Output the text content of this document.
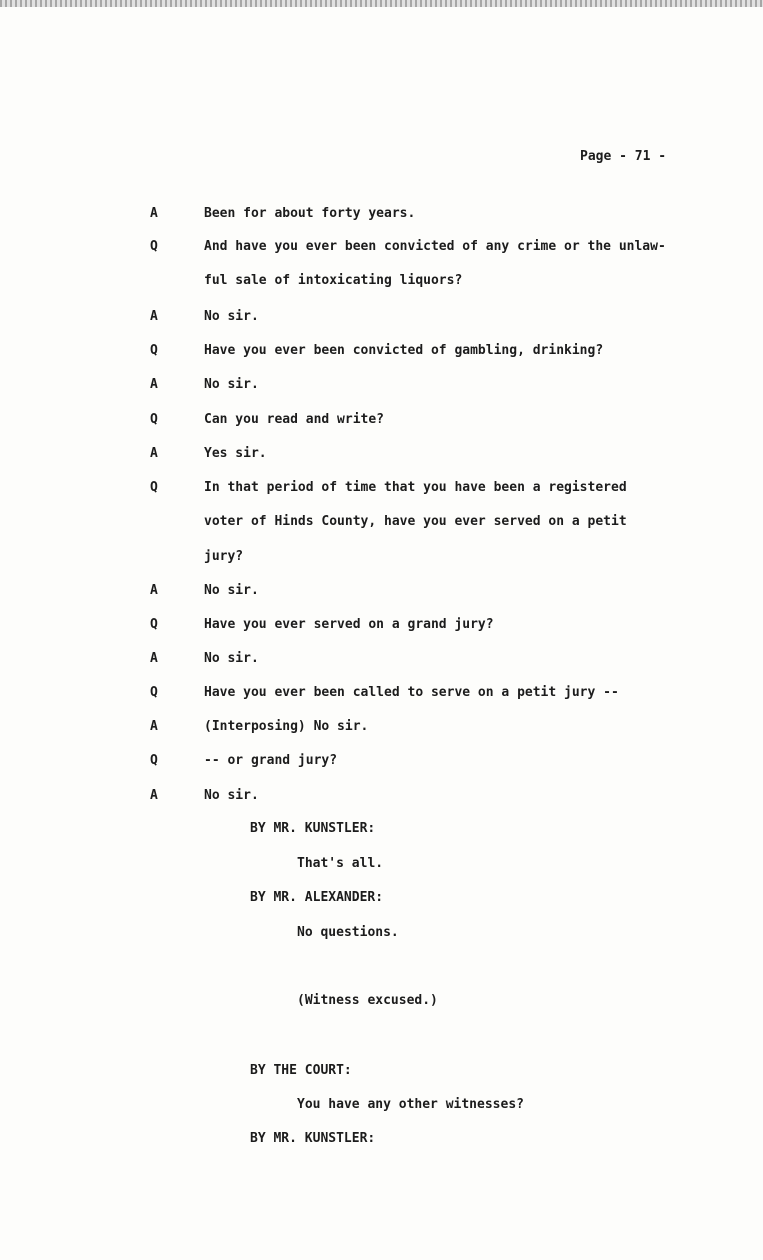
Page - 71 -
A	Been for about forty years.
Q	And have you ever been convicted of any crime or the unlaw-
ful sale of intoxicating liquors?
A	No sir.
Q	Have you ever been convicted of gambling, drinking?
A	No sir.
Q	Can you read and write?
A	Yes sir.
Q	In that period of time that you have been a registered
voter of Hinds County, have you ever served on a petit
jury?
A	No sir.
Q	Have you ever served on a grand jury?
A	No sir.
Q	Have you ever been called to serve on a petit jury --
A	(Interposing) No sir.
Q	-- or grand jury?
A	No sir.
BY MR. KUNSTLER:
That's all.
BY MR. ALEXANDER:
No questions.
(Witness excused.)
BY THE COURT:
You have any other witnesses?
BY MR. KUNSTLER:
